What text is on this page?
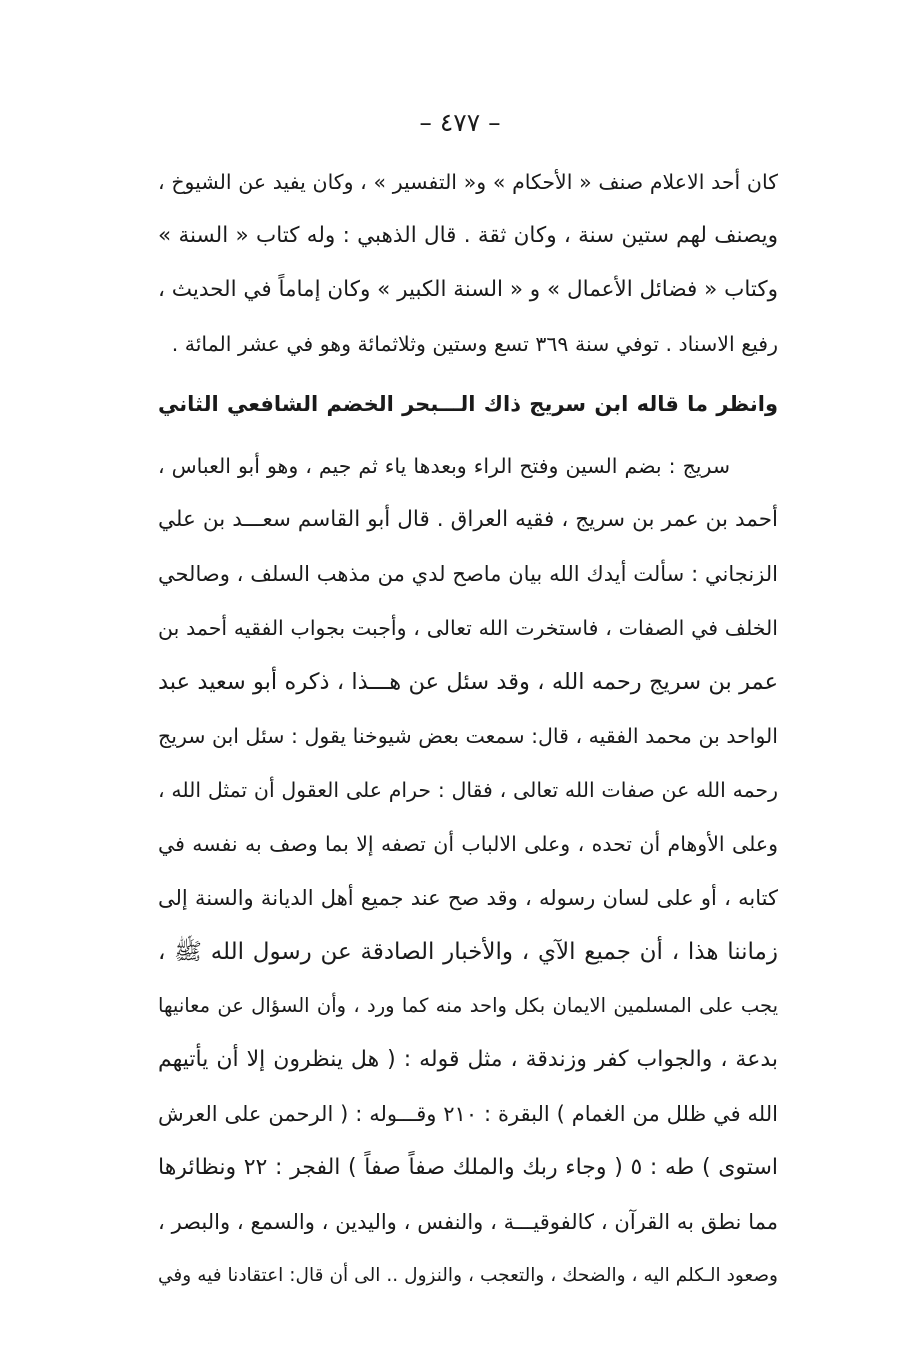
– ٤٧٧ –
كان أحد الاعلام صنف « الأحكام » و« التفسير » ، وكان يفيد عن الشيوخ ،
ويصنف لهم ستين سنة ، وكان ثقة . قال الذهبي : وله كتاب « السنة »
وكتاب « فضائل الأعمال » و « السنة الكبير » وكان إماماً في الحديث ،
رفيع الاسناد . توفي سنة ٣٦٩ تسع وستين وثلاثمائة وهو في عشر المائة .
وانظر ما قاله ابن سريج ذاك الـــبحر الخضم الشافعي الثاني
سريج : بضم السين وفتح الراء وبعدها ياء ثم جيم ، وهو أبو العباس ،
أحمد بن عمر بن سريج ، فقيه العراق . قال أبو القاسم سعـــد بن علي
الزنجاني : سألت أيدك الله بيان ماصح لدي من مذهب السلف ، وصالحي
الخلف في الصفات ، فاستخرت الله تعالى ، وأجبت بجواب الفقيه أحمد بن
عمر بن سريج رحمه الله ، وقد سئل عن هـــذا ، ذكره أبو سعيد عبد
الواحد بن محمد الفقيه ، قال: سمعت بعض شيوخنا يقول : سئل ابن سريج
رحمه الله عن صفات الله تعالى ، فقال : حرام على العقول أن تمثل الله ،
وعلى الأوهام أن تحده ، وعلى الالباب أن تصفه إلا بما وصف به نفسه في
كتابه ، أو على لسان رسوله ، وقد صح عند جميع أهل الديانة والسنة إلى
زماننا هذا ، أن جميع الآي ، والأخبار الصادقة عن رسول الله ﷺ ،
يجب على المسلمين الايمان بكل واحد منه كما ورد ، وأن السؤال عن معانيها
بدعة ، والجواب كفر وزندقة ، مثل قوله : ( هل ينظرون إلا أن يأتيهم
الله في ظلل من الغمام ) البقرة : ٢١٠ وقـــوله : ( الرحمن على العرش
استوى ) طه : ٥ ( وجاء ربك والملك صفاً صفاً ) الفجر : ٢٢ ونظائرها
مما نطق به القرآن ، كالفوقيـــة ، والنفس ، واليدين ، والسمع ، والبصر ،
وصعود الـكلم اليه ، والضحك ، والتعجب ، والنزول .. الى أن قال: اعتقادنا فيه وفي
